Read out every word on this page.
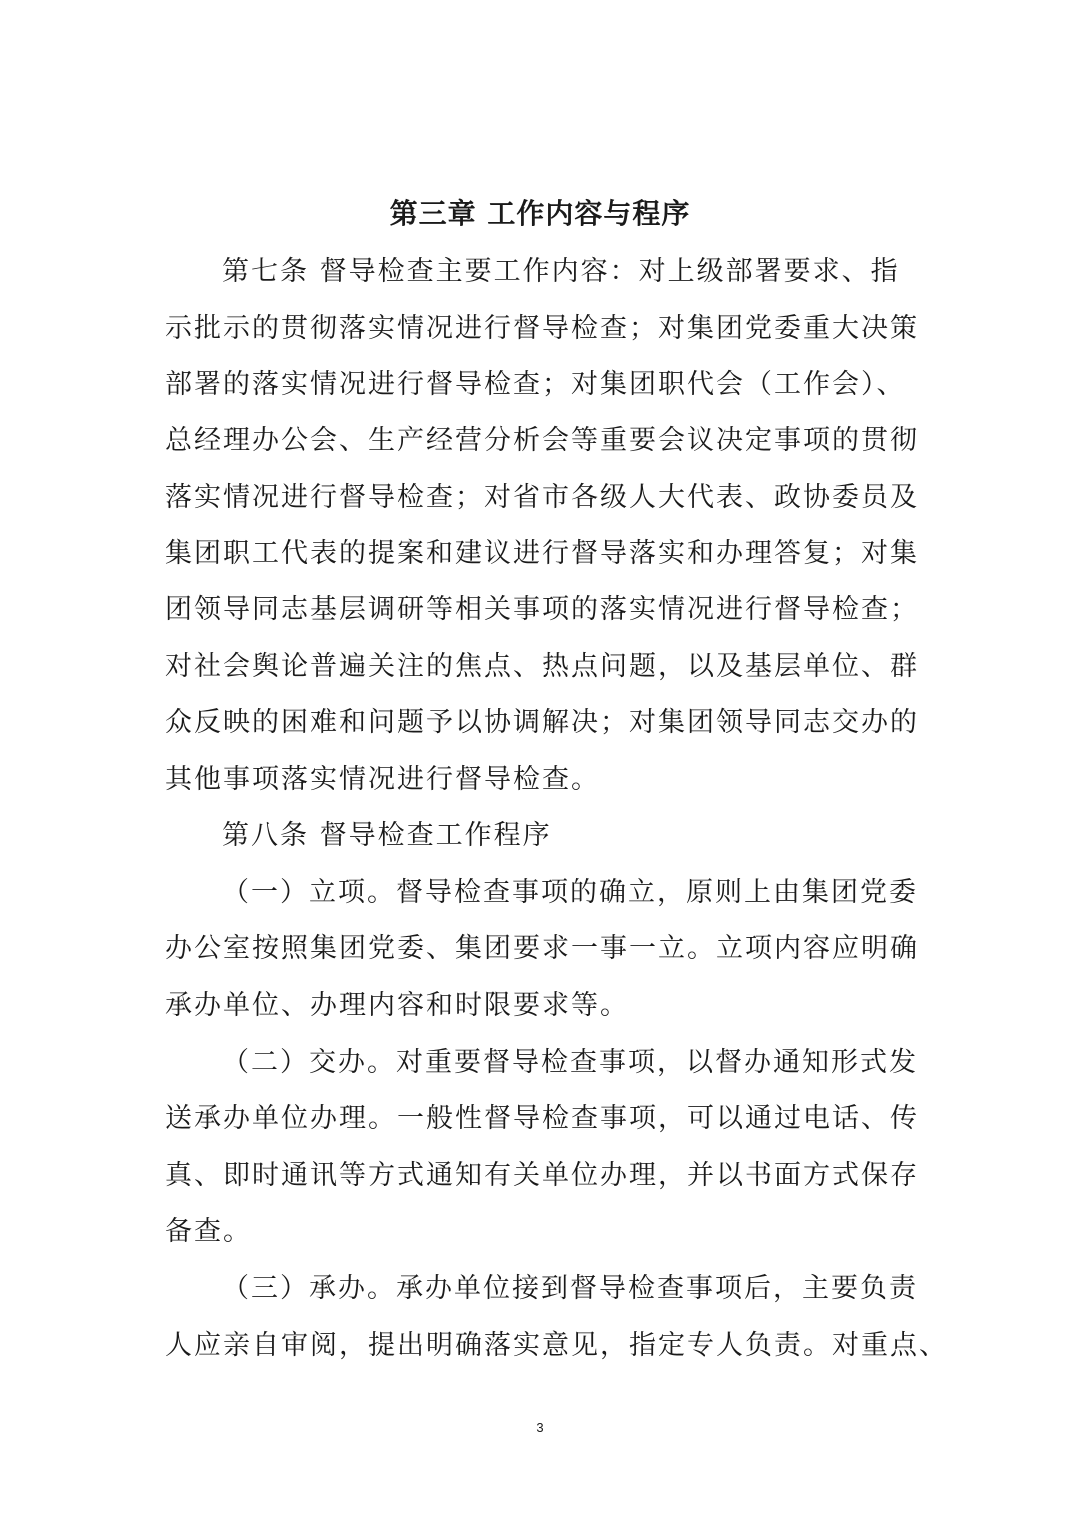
第三章 工作内容与程序
第七条 督导检查主要工作内容：对上级部署要求、指
示批示的贯彻落实情况进行督导检查；对集团党委重大决策
部署的落实情况进行督导检查；对集团职代会（工作会）、
总经理办公会、生产经营分析会等重要会议决定事项的贯彻
落实情况进行督导检查；对省市各级人大代表、政协委员及
集团职工代表的提案和建议进行督导落实和办理答复；对集
团领导同志基层调研等相关事项的落实情况进行督导检查；
对社会舆论普遍关注的焦点、热点问题，以及基层单位、群
众反映的困难和问题予以协调解决；对集团领导同志交办的
其他事项落实情况进行督导检查。
第八条 督导检查工作程序
（一）立项。督导检查事项的确立，原则上由集团党委
办公室按照集团党委、集团要求一事一立。立项内容应明确
承办单位、办理内容和时限要求等。
（二）交办。对重要督导检查事项，以督办通知形式发
送承办单位办理。一般性督导检查事项，可以通过电话、传
真、即时通讯等方式通知有关单位办理，并以书面方式保存
备查。
（三）承办。承办单位接到督导检查事项后，主要负责
人应亲自审阅，提出明确落实意见，指定专人负责。对重点、
3
